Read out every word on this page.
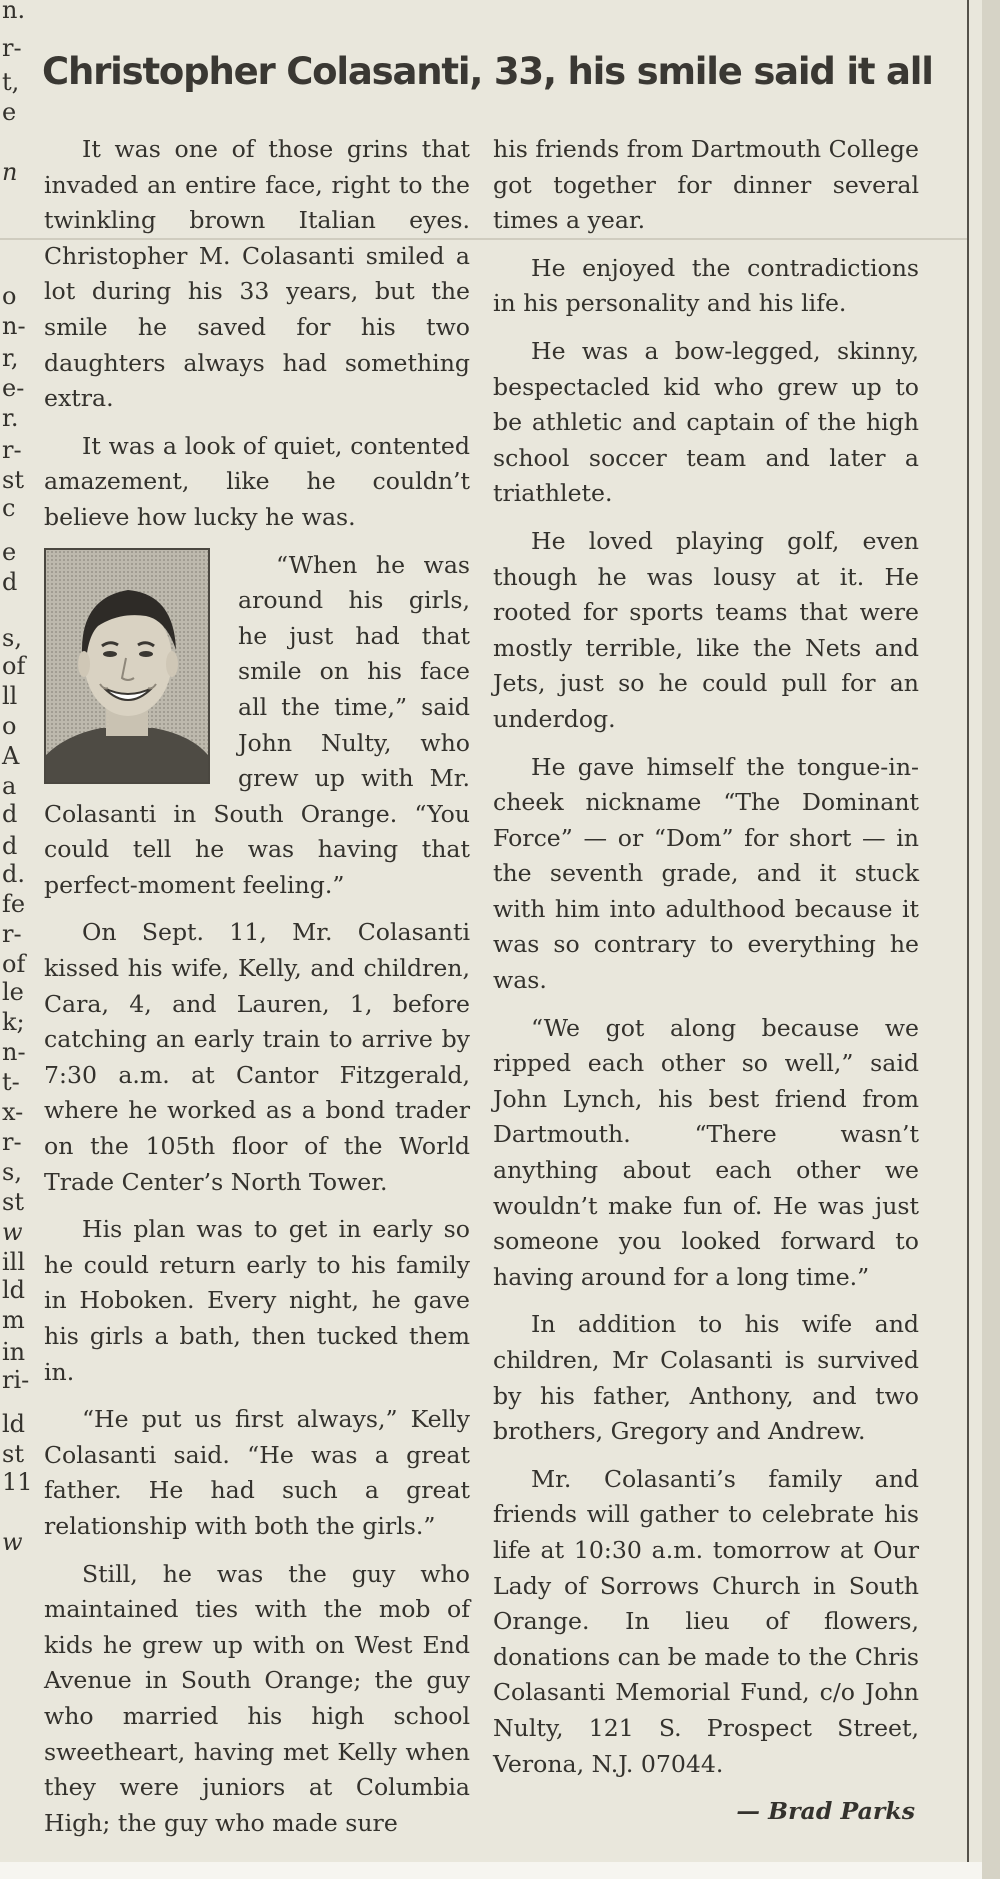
n.
r-
t,
e
n
o
n-
r,
e-
r.
r-
st
c
e
d
s,
of
ll
o
A
a
d
d
d.
fe
r-
of
le
k;
n-
t-
x-
r-
s,
st
w
ill
ld
m
in
ri-
ld
st
11
w
Christopher Colasanti, 33, his smile said it all

It was one of those grins that invaded an entire face, right to the twinkling brown Italian eyes. Christopher M. Colasanti smiled a lot during his 33 years, but the smile he saved for his two daughters always had something extra.

It was a look of quiet, contented amazement, like he couldn’t believe how lucky he was.

“When he was around his girls, he just had that smile on his face all the time,” said John Nulty, who grew up with Mr. Colasanti in South Orange. “You could tell he was having that perfect-moment feeling.”

On Sept. 11, Mr. Colasanti kissed his wife, Kelly, and children, Cara, 4, and Lauren, 1, before catching an early train to arrive by 7:30 a.m. at Cantor Fitzgerald, where he worked as a bond trader on the 105th floor of the World Trade Center’s North Tower.

His plan was to get in early so he could return early to his family in Hoboken. Every night, he gave his girls a bath, then tucked them in.

“He put us first always,” Kelly Colasanti said. “He was a great father. He had such a great relationship with both the girls.”

Still, he was the guy who maintained ties with the mob of kids he grew up with on West End Avenue in South Orange; the guy who married his high school sweetheart, having met Kelly when they were juniors at Columbia High; the guy who made sure

his friends from Dartmouth College got together for dinner several times a year.

He enjoyed the contradictions in his personality and his life.

He was a bow-legged, skinny, bespectacled kid who grew up to be athletic and captain of the high school soccer team and later a triathlete.

He loved playing golf, even though he was lousy at it. He rooted for sports teams that were mostly terrible, like the Nets and Jets, just so he could pull for an underdog.

He gave himself the tongue-in-cheek nickname “The Dominant Force” — or “Dom” for short — in the seventh grade, and it stuck with him into adulthood because it was so contrary to everything he was.

“We got along because we ripped each other so well,” said John Lynch, his best friend from Dartmouth. “There wasn’t anything about each other we wouldn’t make fun of. He was just someone you looked forward to having around for a long time.”

In addition to his wife and children, Mr Colasanti is survived by his father, Anthony, and two brothers, Gregory and Andrew.

Mr. Colasanti’s family and friends will gather to celebrate his life at 10:30 a.m. tomorrow at Our Lady of Sorrows Church in South Orange. In lieu of flowers, donations can be made to the Chris Colasanti Memorial Fund, c/o John Nulty, 121 S. Prospect Street, Verona, N.J. 07044.

— Brad Parks
